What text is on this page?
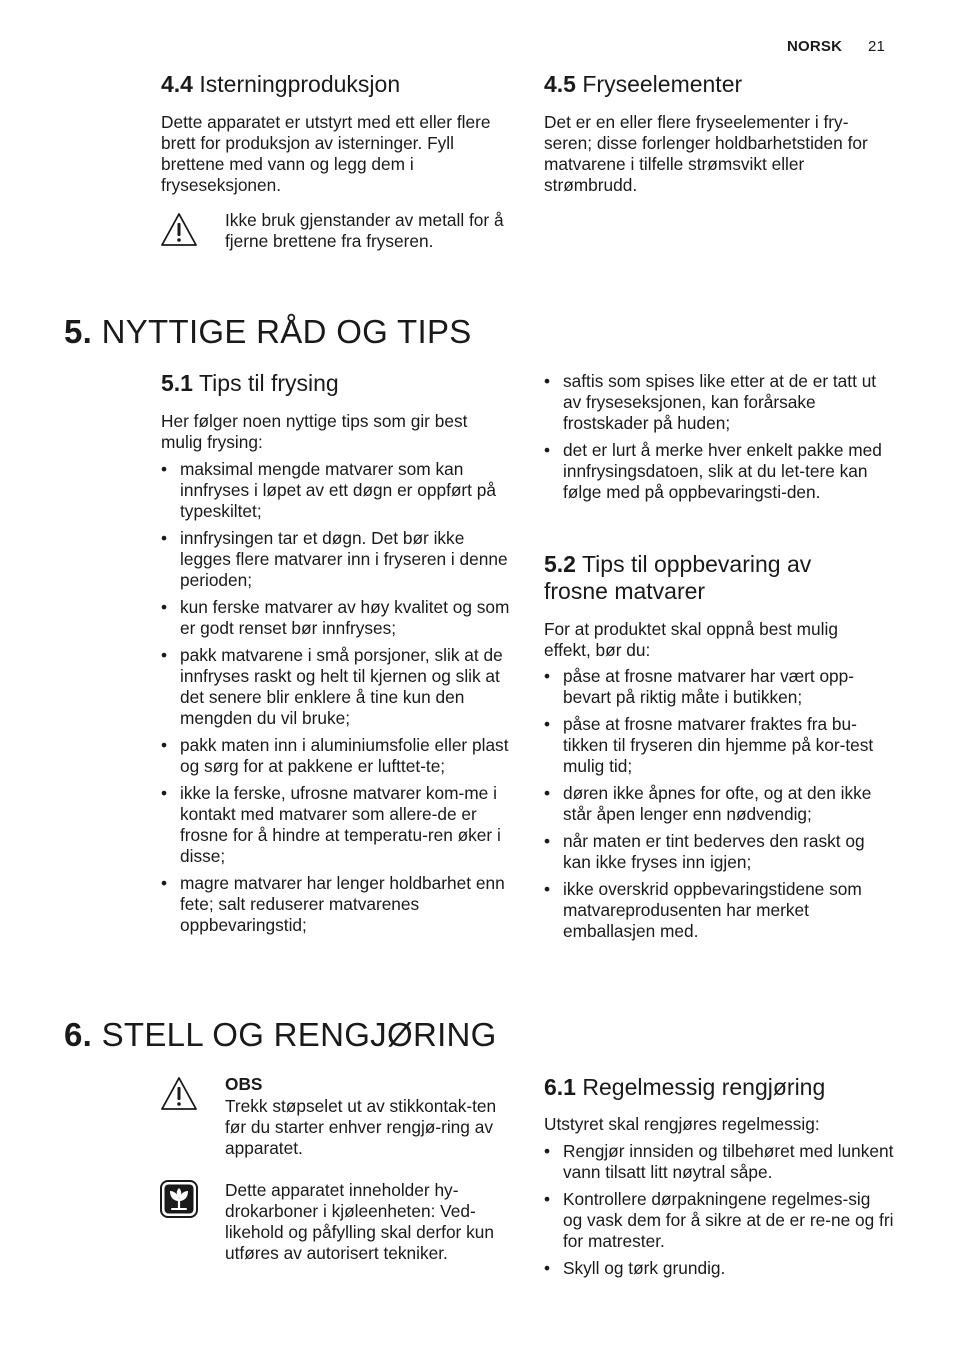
NORSK 21
4.4 Isterningproduksjon
Dette apparatet er utstyrt med ett eller flere brett for produksjon av isterninger. Fyll brettene med vann og legg dem i fryseseksjonen.
Ikke bruk gjenstander av metall for å fjerne brettene fra fryseren.
4.5 Fryseelementer
Det er en eller flere fryseelementer i fry-seren; disse forlenger holdbarhetstiden for matvarene i tilfelle strømsvikt eller strømbrudd.
5. NYTTIGE RÅD OG TIPS
5.1 Tips til frysing
Her følger noen nyttige tips som gir best mulig frysing:
• maksimal mengde matvarer som kan innfryses i løpet av ett døgn er oppført på typeskiltet;
• innfrysingen tar et døgn. Det bør ikke legges flere matvarer inn i fryseren i denne perioden;
• kun ferske matvarer av høy kvalitet og som er godt renset bør innfryses;
• pakk matvarene i små porsjoner, slik at de innfryses raskt og helt til kjernen og slik at det senere blir enklere å tine kun den mengden du vil bruke;
• pakk maten inn i aluminiumsfolie eller plast og sørg for at pakkene er lufttet-te;
• ikke la ferske, ufrosne matvarer kom-me i kontakt med matvarer som allere-de er frosne for å hindre at temperatu-ren øker i disse;
• magre matvarer har lenger holdbarhet enn fete; salt reduserer matvarenes oppbevaringstid;
• saftis som spises like etter at de er tatt ut av fryseseksjonen, kan forårsake frostskader på huden;
• det er lurt å merke hver enkelt pakke med innfrysingsdatoen, slik at du let-tere kan følge med på oppbevaringsti-den.
5.2 Tips til oppbevaring av
frosne matvarer
For at produktet skal oppnå best mulig effekt, bør du:
• påse at frosne matvarer har vært opp-bevart på riktig måte i butikken;
• påse at frosne matvarer fraktes fra bu-tikken til fryseren din hjemme på kor-test mulig tid;
• døren ikke åpnes for ofte, og at den ikke står åpen lenger enn nødvendig;
• når maten er tint bederves den raskt og kan ikke fryses inn igjen;
• ikke overskrid oppbevaringstidene som matvareprodusenten har merket emballasjen med.
6. STELL OG RENGJØRING
OBS
Trekk støpselet ut av stikkontak-ten før du starter enhver rengjø-ring av apparatet.
Dette apparatet inneholder hy-drokarboner i kjøleenheten: Ved-likehold og påfylling skal derfor kun utføres av autorisert tekniker.
6.1 Regelmessig rengjøring
Utstyret skal rengjøres regelmessig:
• Rengjør innsiden og tilbehøret med lunkent vann tilsatt litt nøytral såpe.
• Kontrollere dørpakningene regelmes-sig og vask dem for å sikre at de er re-ne og fri for matrester.
• Skyll og tørk grundig.
